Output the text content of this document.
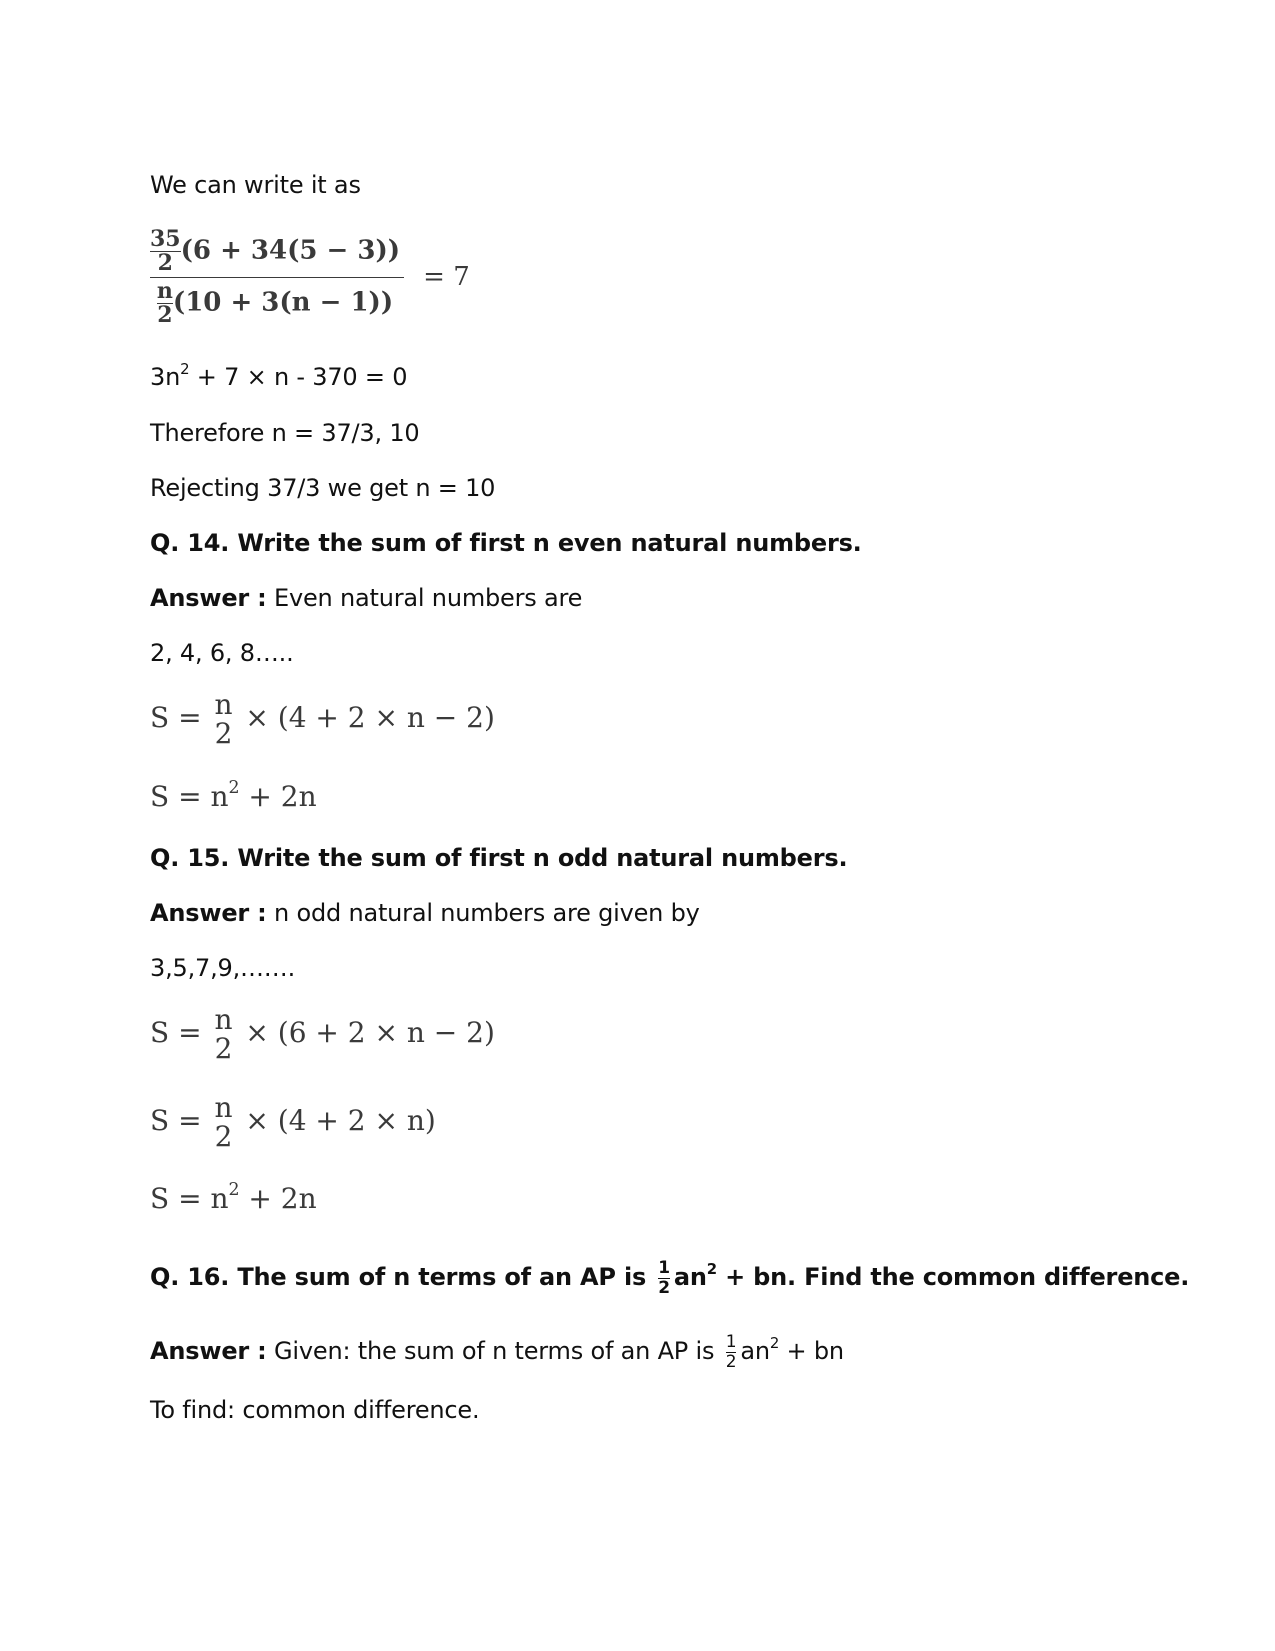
We can write it as
$\frac{\frac{35}{2} (6 + 34(5 - 3))}{\frac{n}{2} (10 + 3(n - 1))} = 7$
$3n^2 + 7 \times n - 370 = 0$
Therefore n = 37/3, 10
Rejecting 37/3 we get n = 10
Q. 14. Write the sum of first n even natural numbers.
Answer : Even natural numbers are
2, 4, 6, 8…..
S = n
2 × (4 + 2 × n − 2)
$S = n^2 + 2n$
Q. 15. Write the sum of first n odd natural numbers.
Answer : n odd natural numbers are given by
3,5,7,9,…….
S = n
2 × (6 + 2 × n − 2)
S = n
2 × (4 + 2 × n)
$S = n^2 + 2n$
Q. 16. The sum of n terms of an AP is $\frac{1}{2} an^2$ + bn. Find the common difference.
Answer : Given: the sum of n terms of an AP is $\frac{1}{2} an^2$ + bn
To find: common difference.
